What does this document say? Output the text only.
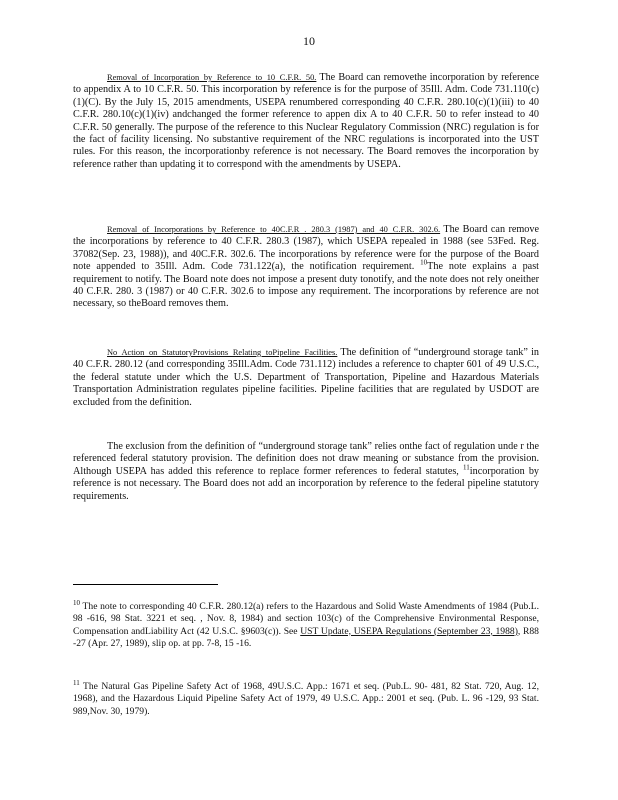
10

Removal of Incorporation by Reference to 10 C.F.R. 50. The Board can removethe incorporation by reference to appendix A to 10 C.F.R. 50. This incorporation by reference is for the purpose of 35Ill. Adm. Code 731.110(c)(1)(C). By the July 15, 2015 amendments, USEPA renumbered corresponding 40 C.F.R. 280.10(c)(1)(iii) to 40 C.F.R. 280.10(c)(1)(iv) andchanged the former reference to appen dix A to 40 C.F.R. 50 to refer instead to 40 C.F.R. 50 generally. The purpose of the reference to this Nuclear Regulatory Commission (NRC) regulation is for the fact of facility licensing. No substantive requirement of the NRC regulations is incorporated into the UST rules. For this reason, the incorporationby reference is not necessary. The Board removes the incorporation by reference rather than updating it to correspond with the amendments by USEPA.

Removal of Incorporations by Reference to 40C.F.R . 280.3 (1987) and 40 C.F.R. 302.6. The Board can remove the incorporations by reference to 40 C.F.R. 280.3 (1987), which USEPA repealed in 1988 (see 53Fed. Reg. 37082(Sep. 23, 1988)), and 40C.F.R. 302.6. The incorporations by reference were for the purpose of the Board note appended to 35Ill. Adm. Code 731.122(a), the notification requirement. $^{10}$The note explains a past requirement to notify. The Board note does not impose a present duty tonotify, and the note does not rely oneither 40 C.F.R. 280. 3 (1987) or 40 C.F.R. 302.6 to impose any requirement. The incorporations by reference are not necessary, so theBoard removes them.

No Action on StatutoryProvisions Relating toPipeline Facilities. The definition of “underground storage tank” in 40 C.F.R. 280.12 (and corresponding 35Ill.Adm. Code 731.112) includes a reference to chapter 601 of 49 U.S.C., the federal statute under which the U.S. Department of Transportation, Pipeline and Hazardous Materials Transportation Administration regulates pipeline facilities. Pipeline facilities that are regulated by USDOT are excluded from the definition.

The exclusion from the definition of “underground storage tank” relies onthe fact of regulation unde r the referenced federal statutory provision. The definition does not draw meaning or substance from the provision. Although USEPA has added this reference to replace former references to federal statutes, $^{11}$incorporation by reference is not necessary. The Board does not add an incorporation by reference to the federal pipeline statutory requirements.

$^{10}$ The note to corresponding 40 C.F.R. 280.12(a) refers to the Hazardous and Solid Waste Amendments of 1984 (Pub.L. 98 -616, 98 Stat. 3221 et seq. , Nov. 8, 1984) and section 103(c) of the Comprehensive Environmental Response, Compensation andLiability Act (42 U.S.C. §9603(c)). See UST Update, USEPA Regulations (September 23, 1988), R88 -27 (Apr. 27, 1989), slip op. at pp. 7-8, 15 -16.

$^{11}$ The Natural Gas Pipeline Safety Act of 1968, 49U.S.C. App.: 1671 et seq. (Pub.L. 90- 481, 82 Stat. 720, Aug. 12, 1968), and the Hazardous Liquid Pipeline Safety Act of 1979, 49 U.S.C. App.: 2001 et seq. (Pub. L. 96 -129, 93 Stat. 989,Nov. 30, 1979).
